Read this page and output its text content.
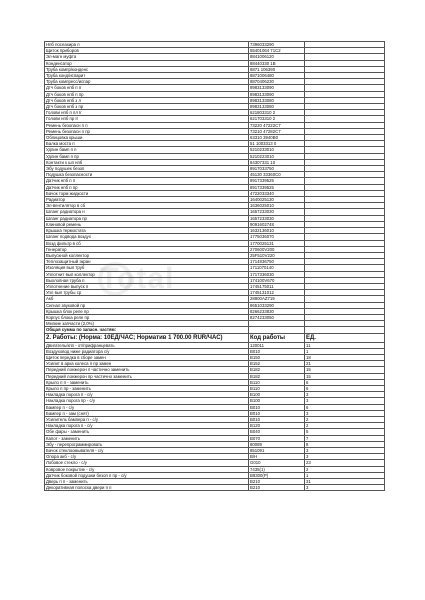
Total
Нпб посеахира п	7396033290	
Щиток приборов	55401064 71С2	
Эл-магн муфта	8841006120	
Конденсатор	88440330 1В	
Труба компр/конденс	8871 106390	
Труба конд/испарит	8871006480	
Труба компресс/испар	8870406230	
Дтч боков нпб п п	8983133090	
Дтч боков нпб п пр	8983133090	
Дтч боков нпб з л	8983133080	
Дтч боков нпб з пр	8983133080	
Голови нпб п пл Ir	621803310 2	
Голови нпб пр Ir	621703310 2	
Ремень безопасн п п	73220 47222С7	
Ремень безопасн п пр	73210 47282С7	
Облицовка крыши	63310 3940В0	
Балка моста п	51 1003313 0	
Удлин бамп п п	5210233010	
Удлин бамп п пр	5210223010	
Контакти к шп нпб	84307331 10	
Эбу подушек безоп	8917033750	
Подушка безопасности	45130 33360С0	
Датчик нпб п п	8917339525	
Датчик нпб п пр	8917339525	
Бачок торм жидкости	4722033340	
Радиатор	1640025130	
Эл-вентилятор в сб	1636025010	
Шланг радиатора н	1657233030	
Шланг радиатора пр	1657233030	
Клиновой ремень	9091602748	
Крышка термостата	1632136010	
Шланг подвода воздух	1775036070	
Возд фильтр в сб	1770025131	
Генератор	270600V200	
Выпускной коллектор	25F510V220	
Теплозащитный экран	1714836750	
Изоляция вып труб	1711070140	
Уплотнит вып коллектор	1717336030	
Выхлопная труба п	174100V670	
Уплотнение выпуск п	1745175011	
Упл вып трубы ср	1745131012	
Акб	28800AZ719	
Сигнал звуковой пр	8651033290	
Крышка блок реле пр	8266233830	
Корпус блока реле пр	8274233050	
Мелкие запчасти (2,0%)		
Общая сумма по запасн. частям:		
2. Работы: (Норма: 10ЕД/ЧАС; Норматив 1 700.00 RUR/ЧАС)	Код работы	ЕД.
Двигатель/кпп - от/прифранцевать	120011	11
Воздуховод ниже радиатора с/у	B010	1
Щиток передка в сборе замен	B150	18
Усилит в арка колеса п пр замен	B152	21
Передний лонжерон п частично заменить	B182	15
Передний лонжерон пр частично заменить	B182	15
Крыло п п - заменить	B110	6
Крыло п пр - заменить	B110	6
Накладка порога п - с/у	B100	3
Накладка порога пр - с/у	B100	3
Бампер п - с/у	B010	6
Бампер п - зам (снят)	B010	3
Усилитель бампера п - с/у	B010	2
Накладка порога п - с/у	B120	2
Обе фары - заменить	B040	5
Капот - заменить	B070	7
Эбу - перепрограммировать	80089	8
Бачок стеклоомывателя - с/у	851091	3
Опора акб - с/у	B/H	3
Лобовое стекло - с/у	G010	23
Ковровое покрытие - с/у	7435(1)	2
Датчик боковой подушки безоп п пр - с/у	B9300(P)	1
Дверь п п - заменить	B210	31
Декоративная полоска двери п п	B210	3
